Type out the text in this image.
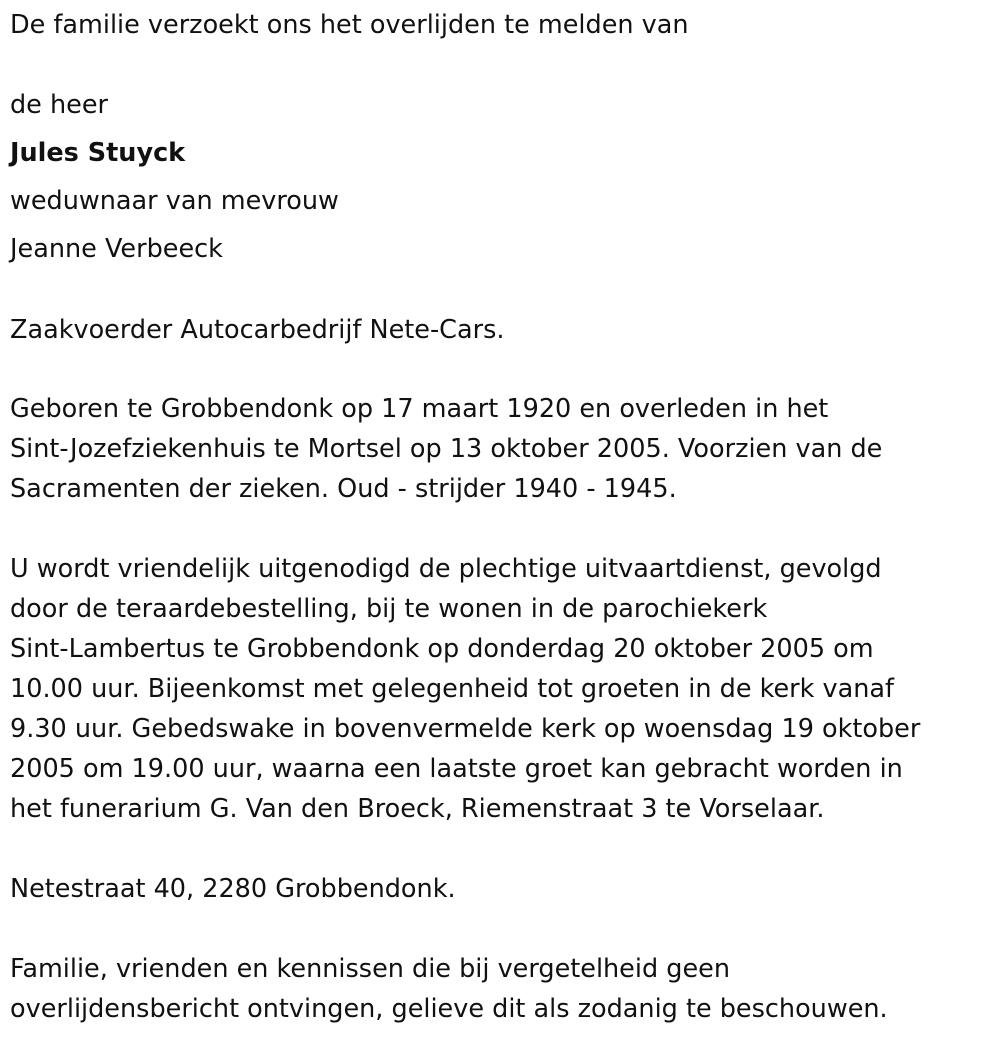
De familie verzoekt ons het overlijden te melden van

de heer

Jules Stuyck

weduwnaar van mevrouw

Jeanne Verbeeck

Zaakvoerder Autocarbedrijf Nete-Cars.

Geboren te Grobbendonk op 17 maart 1920 en overleden in het
Sint-Jozefziekenhuis te Mortsel op 13 oktober 2005. Voorzien van de
Sacramenten der zieken. Oud - strijder 1940 - 1945.
U wordt vriendelijk uitgenodigd de plechtige uitvaartdienst, gevolgd
door de teraardebestelling, bij te wonen in de parochiekerk
Sint-Lambertus te Grobbendonk op donderdag 20 oktober 2005 om
10.00 uur. Bijeenkomst met gelegenheid tot groeten in de kerk vanaf
9.30 uur. Gebedswake in bovenvermelde kerk op woensdag 19 oktober
2005 om 19.00 uur, waarna een laatste groet kan gebracht worden in
het funerarium G. Van den Broeck, Riemenstraat 3 te Vorselaar.

Netestraat 40, 2280 Grobbendonk.

Familie, vrienden en kennissen die bij vergetelheid geen
overlijdensbericht ontvingen, gelieve dit als zodanig te beschouwen.
